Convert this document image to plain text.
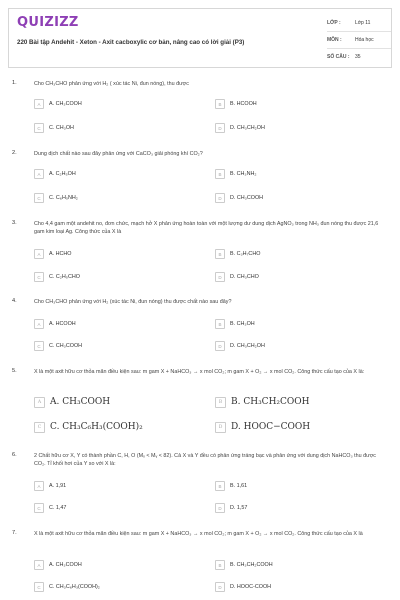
QUIZIZZ
220 Bài tập Andehit - Xeton - Axit cacboxylic cơ bản, nâng cao có lời giải (P3)
LỚP :	Lớp 11
MÔN :	Hóa học
SỐ CÂU :	35
1.	Cho CH₃CHO phản ứng với H₂ ( xúc tác Ni, đun nóng), thu được
A	A. CH₃COOH	B	B. HCOOH
C	C. CH₃OH	D	D. CH₃CH₂OH
2.	Dung dịch chất nào sau đây phản ứng với CaCO₃ giải phóng khí CO₂?
A	A. C₂H₅OH	B	B. CH₃NH₂
C	C. C₆H₅NH₂	D	D. CH₃COOH
3.	Cho 4,4 gam một andehit no, đơn chức, mạch hở X phản ứng hoàn toàn với một lượng dư dung dịch AgNO₃ trong NH₃ đun nóng thu được 21,6 gam kim loại Ag. Công thức của X là
A	A. HCHO	B	B. C₃H₇CHO
C	C. C₂H₅CHO	D	D. CH₃CHO
4.	Cho CH₃CHO phản ứng với H₂ (xúc tác Ni, đun nóng) thu được chất nào sau đây?
A	A. HCOOH	B	B. CH₃OH
C	C. CH₃COOH	D	D. CH₃CH₂OH
5.	X là một axit hữu cơ thỏa mãn điều kiện sau: m gam X + NaHCO₃ → x mol CO₂; m gam X + O₂ → x mol CO₂. Công thức cấu tạo của X là:
A A. CH₃COOH	B B. CH₃CH₂COOH
C C. CH₃C₆H₃(COOH)₂	D D. HOOC−COOH
6.	2 Chất hữu cơ X, Y có thành phần C, H, O (Mₓ < Mᵧ < 82). Cả X và Y đều có phản ứng tráng bạc và phản ứng với dung dịch NaHCO₃ thu được CO₂. Tỉ khối hơi của Y so với X là:
A	A. 1,91	B	B. 1,61
C	C. 1,47	D	D. 1,57
7.	X là một axit hữu cơ thỏa mãn điều kiện sau: m gam X + NaHCO₃ → x mol CO₂; m gam X + O₂ → x mol CO₂. Công thức cấu tạo của X là
A	A. CH₃COOH	B	B. CH₃CH₂COOH
C	C. CH₃C₆H₃(COOH)₂	D	D. HOOC-COOH
